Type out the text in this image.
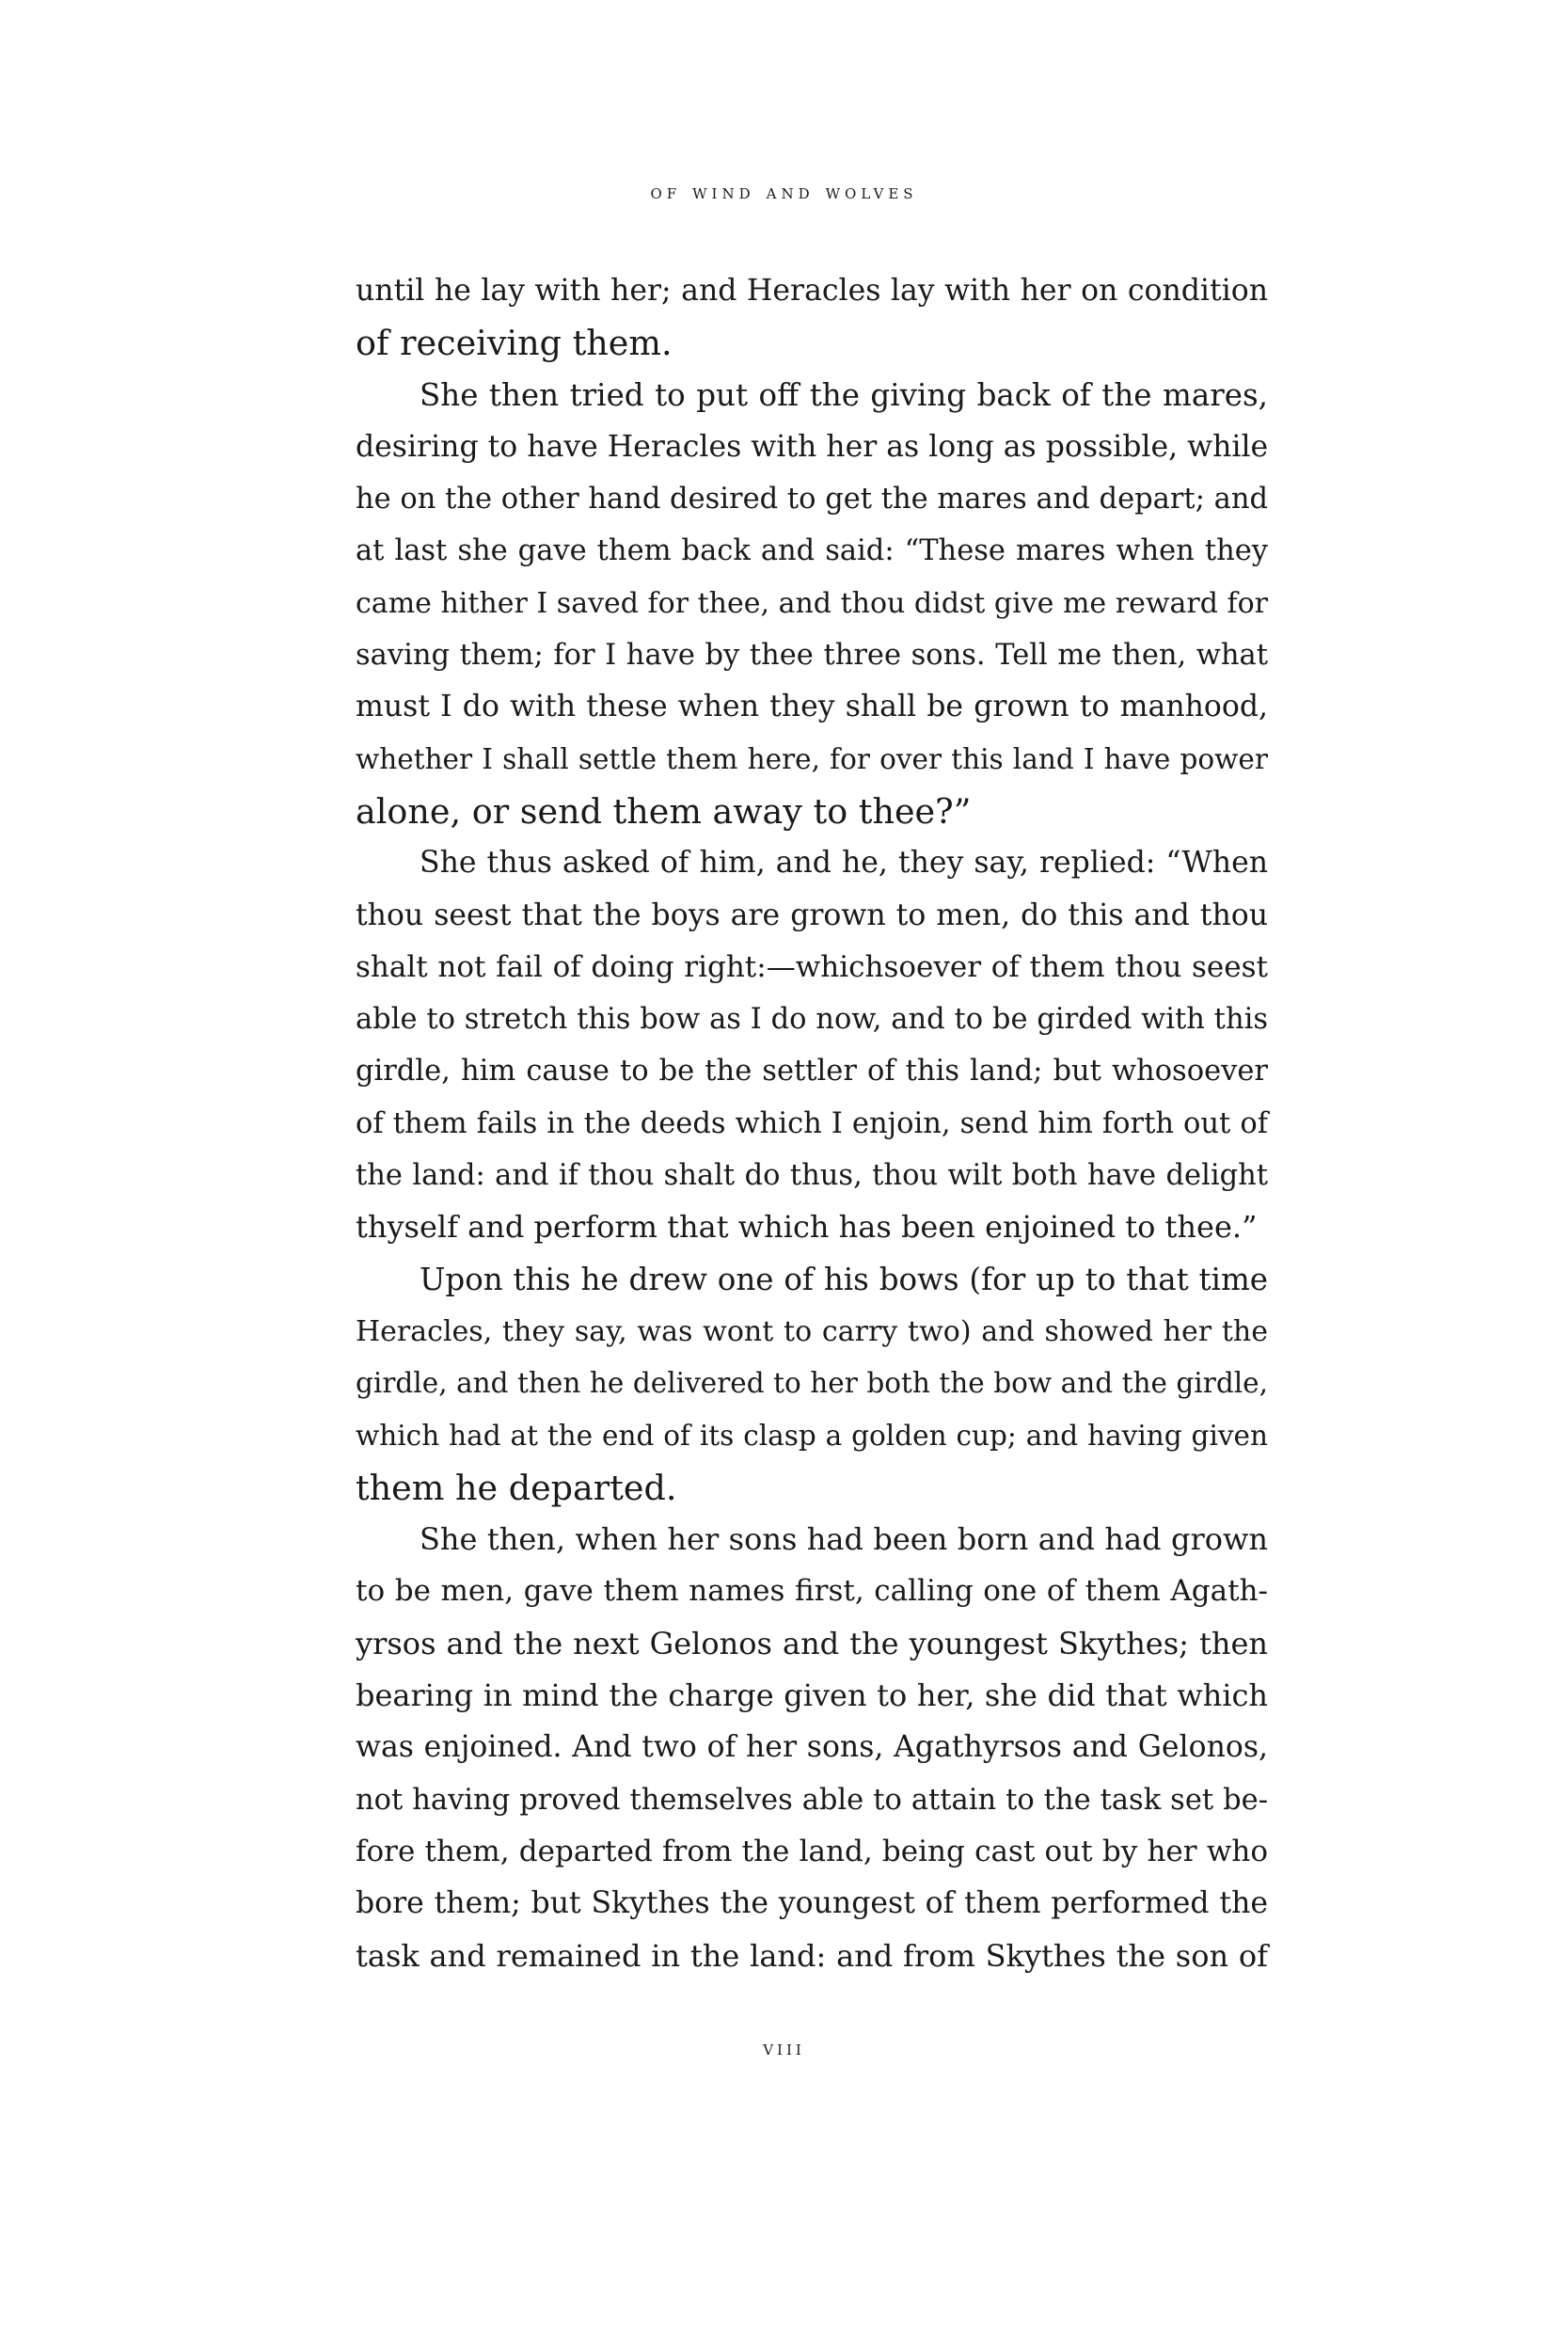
of wind and wolves
until he lay with her; and Heracles lay with her on condition
of receiving them.
She then tried to put off the giving back of the mares,
desiring to have Heracles with her as long as possible, while
he on the other hand desired to get the mares and depart; and
at last she gave them back and said: “These mares when they
came hither I saved for thee, and thou didst give me reward for
saving them; for I have by thee three sons. Tell me then, what
must I do with these when they shall be grown to manhood,
whether I shall settle them here, for over this land I have power
alone, or send them away to thee?”
She thus asked of him, and he, they say, replied: “When
thou seest that the boys are grown to men, do this and thou
shalt not fail of doing right:—whichsoever of them thou seest
able to stretch this bow as I do now, and to be girded with this
girdle, him cause to be the settler of this land; but whosoever
of them fails in the deeds which I enjoin, send him forth out of
the land: and if thou shalt do thus, thou wilt both have delight
thyself and perform that which has been enjoined to thee.”
Upon this he drew one of his bows (for up to that time
Heracles, they say, was wont to carry two) and showed her the
girdle, and then he delivered to her both the bow and the girdle,
which had at the end of its clasp a golden cup; and having given
them he departed.
She then, when her sons had been born and had grown
to be men, gave them names first, calling one of them Agath-
yrsos and the next Gelonos and the youngest Skythes; then
bearing in mind the charge given to her, she did that which
was enjoined. And two of her sons, Agathyrsos and Gelonos,
not having proved themselves able to attain to the task set be-
fore them, departed from the land, being cast out by her who
bore them; but Skythes the youngest of them performed the
task and remained in the land: and from Skythes the son of
viii
